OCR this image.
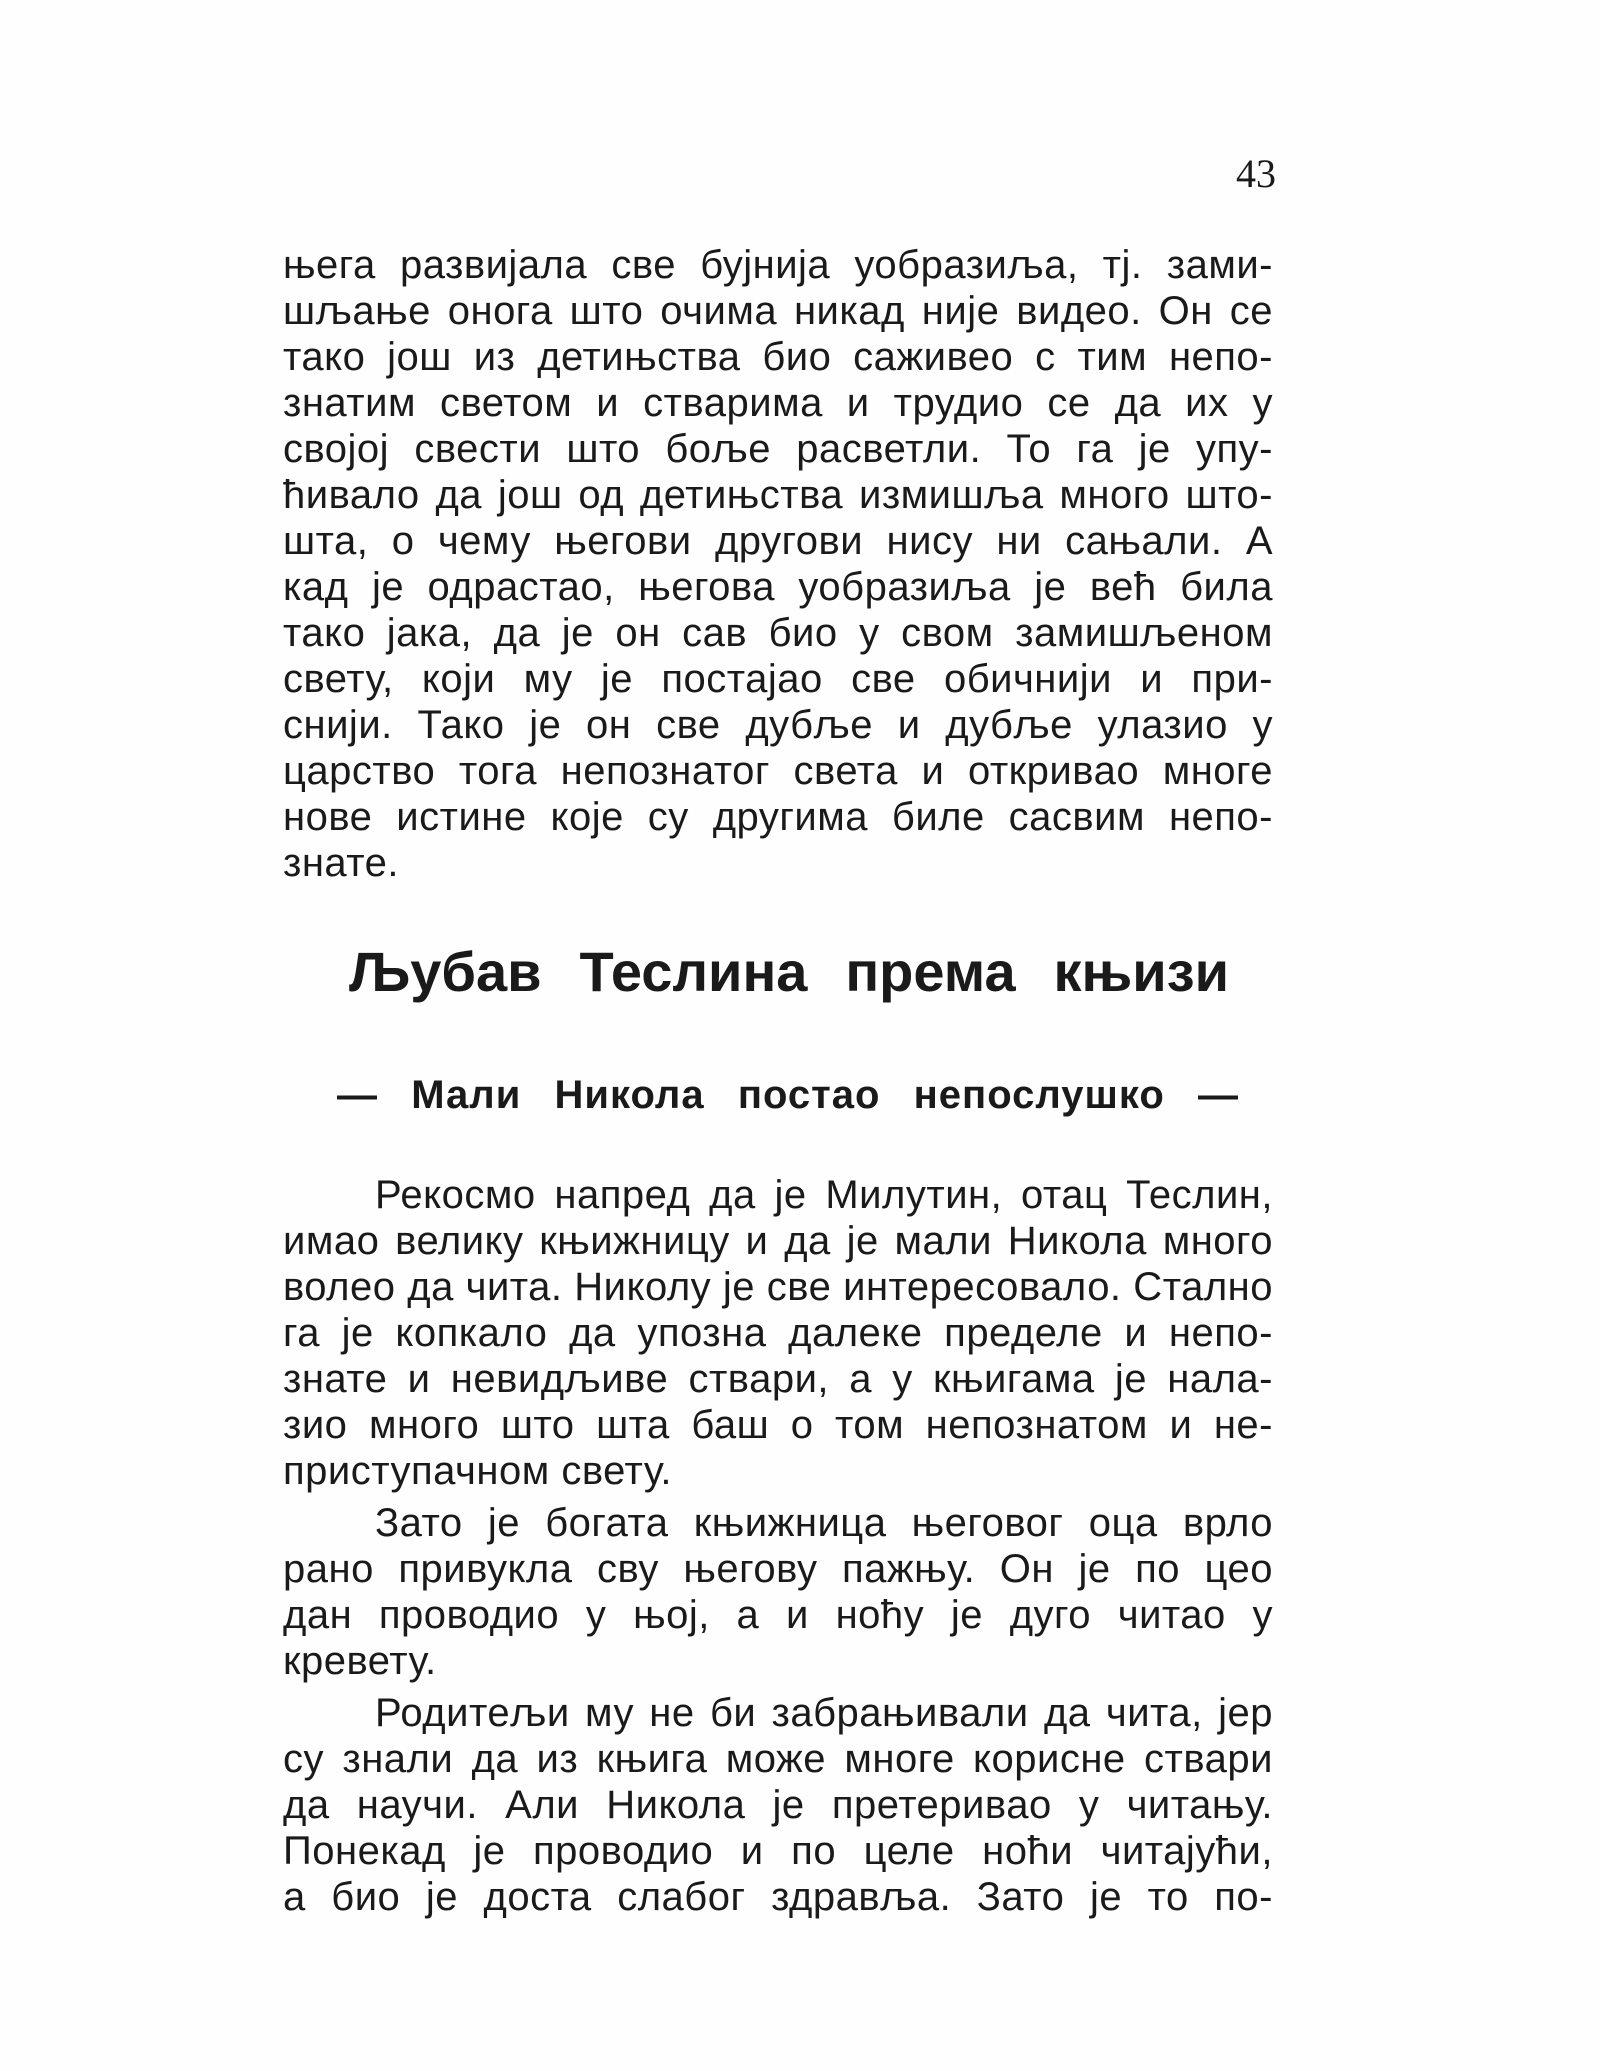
43
њега развијала све бујнија уобразиља, тј. зами-
шљање онога што очима никад није видео. Он се
тако још из детињства био саживео с тим непо-
знатим светом и стварима и трудио се да их у
својој свести што боље расветли. То га је упу-
ћивало да још од детињства измишља много што-
шта, о чему његови другови нису ни сањали. А
кад је одрастао, његова уобразиља је већ била
тако јака, да је он сав био у свом замишљеном
свету, који му је постајао све обичнији и при-
снији. Тако је он све дубље и дубље улазио у
царство тога непознатог света и откривао многе
нове истине које су другима биле сасвим непо-
знате.
Љубав Теслина према књизи
— Мали Никола постао непослушко —
Рекосмо напред да је Милутин, отац Теслин,
имао велику књижницу и да је мали Никола много
волео да чита. Николу је све интересовало. Стално
га је копкало да упозна далеке пределе и непо-
знате и невидљиве ствари, а у књигама је нала-
зио много што шта баш о том непознатом и не-
приступачном свету.
Зато је богата књижница његовог оца врло
рано привукла сву његову пажњу. Он је по цео
дан проводио у њој, а и ноћу је дуго читао у
кревету.
Родитељи му не би забрањивали да чита, јер
су знали да из књига може многе корисне ствари
да научи. Али Никола је претеривао у читању.
Понекад је проводио и по целе ноћи читајући,
а био је доста слабог здравља. Зато је то по-
